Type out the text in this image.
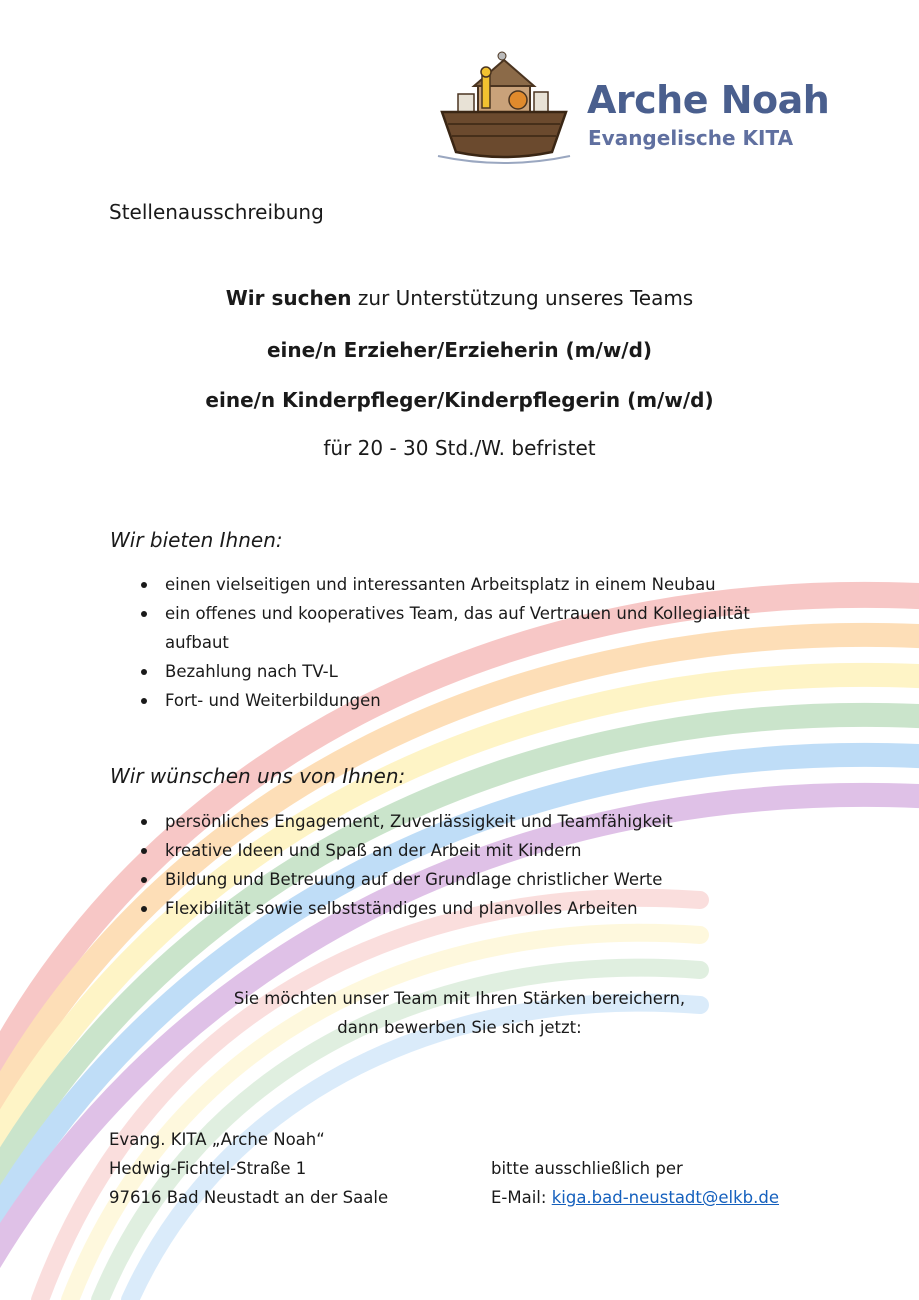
Arche Noah
Evangelische KITA
Stellenausschreibung
Wir suchen zur Unterstützung unseres Teams
eine/n Erzieher/Erzieherin (m/w/d)
eine/n Kinderpfleger/Kinderpflegerin (m/w/d)
für 20 - 30 Std./W. befristet
Wir bieten Ihnen:
einen vielseitigen und interessanten Arbeitsplatz in einem Neubau
ein offenes und kooperatives Team, das auf Vertrauen und Kollegialität aufbaut
Bezahlung nach TV-L
Fort- und Weiterbildungen
Wir wünschen uns von Ihnen:
persönliches Engagement, Zuverlässigkeit und Teamfähigkeit
kreative Ideen und Spaß an der Arbeit mit Kindern
Bildung und Betreuung auf der Grundlage christlicher Werte
Flexibilität sowie selbstständiges und planvolles Arbeiten
Sie möchten unser Team mit Ihren Stärken bereichern,
dann bewerben Sie sich jetzt:
Evang. KITA „Arche Noah“
Hedwig-Fichtel-Straße 1
97616 Bad Neustadt an der Saale
bitte ausschließlich per
E-Mail: kiga.bad-neustadt@elkb.de
